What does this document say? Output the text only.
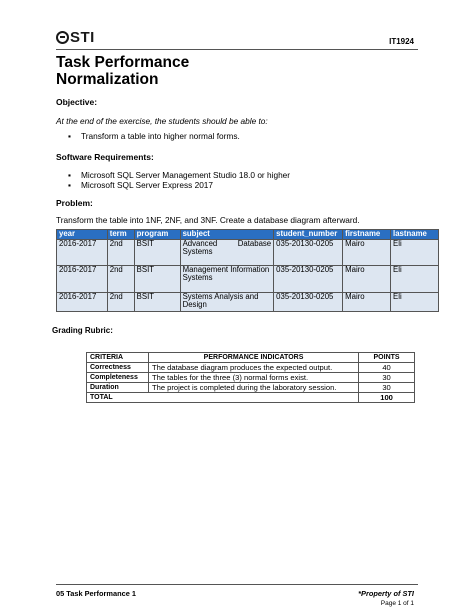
STI	IT1924
Task Performance
Normalization
Objective:
At the end of the exercise, the students should be able to:
▪ Transform a table into higher normal forms.
Software Requirements:
▪ Microsoft SQL Server Management Studio 18.0 or higher
▪ Microsoft SQL Server Express 2017
Problem:
Transform the table into 1NF, 2NF, and 3NF. Create a database diagram afterward.
year	term	program	subject	student_number	firstname	lastname
2016-2017	2nd	BSIT	Advanced Database Systems	035-20130-0205	Mairo	Eli
2016-2017	2nd	BSIT	Management Information Systems	035-20130-0205	Mairo	Eli
2016-2017	2nd	BSIT	Systems Analysis and Design	035-20130-0205	Mairo	Eli
Grading Rubric:
CRITERIA	PERFORMANCE INDICATORS	POINTS
Correctness	The database diagram produces the expected output.	40
Completeness	The tables for the three (3) normal forms exist.	30
Duration	The project is completed during the laboratory session.	30
TOTAL		100
05 Task Performance 1	*Property of STI
Page 1 of 1
